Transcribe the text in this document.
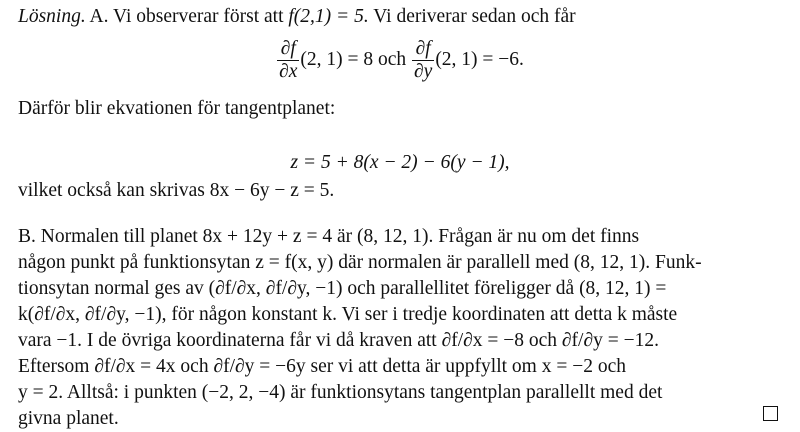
Lösning. A. Vi observerar först att f(2,1) = 5. Vi deriverar sedan och får
$\frac{\partial f}{\partial x} (2$, 1) = 8 och $\frac{\partial f}{\partial y} (2$, 1) = −6.
Därför blir ekvationen för tangentplanet:
z = 5 + 8(x − 2) − 6(y − 1),
vilket också kan skrivas 8x − 6y − z = 5.
B. Normalen till planet 8x + 12y + z = 4 är (8, 12, 1). Frågan är nu om det finns
någon punkt på funktionsytan z = f(x, y) där normalen är parallell med (8, 12, 1). Funk-
tionsytan normal ges av (∂f/∂x, ∂f/∂y, −1) och parallellitet föreligger då (8, 12, 1) =
k(∂f/∂x, ∂f/∂y, −1), för någon konstant k. Vi ser i tredje koordinaten att detta k måste
vara −1. I de övriga koordinaterna får vi då kraven att ∂f/∂x = −8 och ∂f/∂y = −12.
Eftersom ∂f/∂x = 4x och ∂f/∂y = −6y ser vi att detta är uppfyllt om x = −2 och
y = 2. Alltså: i punkten (−2, 2, −4) är funktionsytans tangentplan parallellt med det
givna planet.
